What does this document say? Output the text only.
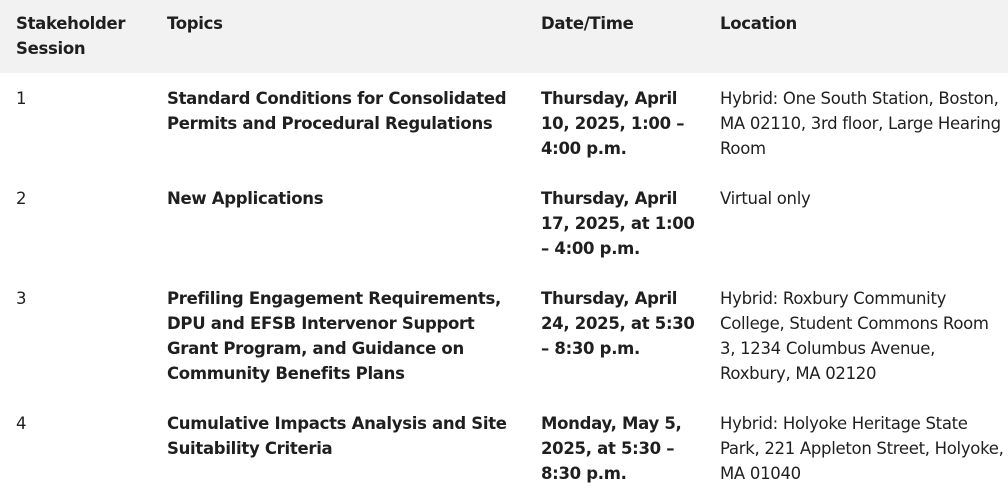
Stakeholder Session	Topics	Date/Time	Location
1	Standard Conditions for Consolidated Permits and Procedural Regulations	Thursday, April 10, 2025, 1:00 – 4:00 p.m.	Hybrid: One South Station, Boston, MA 02110, 3rd floor, Large Hearing Room
2	New Applications	Thursday, April 17, 2025, at 1:00 – 4:00 p.m.	Virtual only
3	Prefiling Engagement Requirements, DPU and EFSB Intervenor Support Grant Program, and Guidance on Community Benefits Plans	Thursday, April 24, 2025, at 5:30 – 8:30 p.m.	Hybrid: Roxbury Community College, Student Commons Room 3, 1234 Columbus Avenue, Roxbury, MA 02120
4	Cumulative Impacts Analysis and Site Suitability Criteria	Monday, May 5, 2025, at 5:30 – 8:30 p.m.	Hybrid: Holyoke Heritage State Park, 221 Appleton Street, Holyoke, MA 01040
